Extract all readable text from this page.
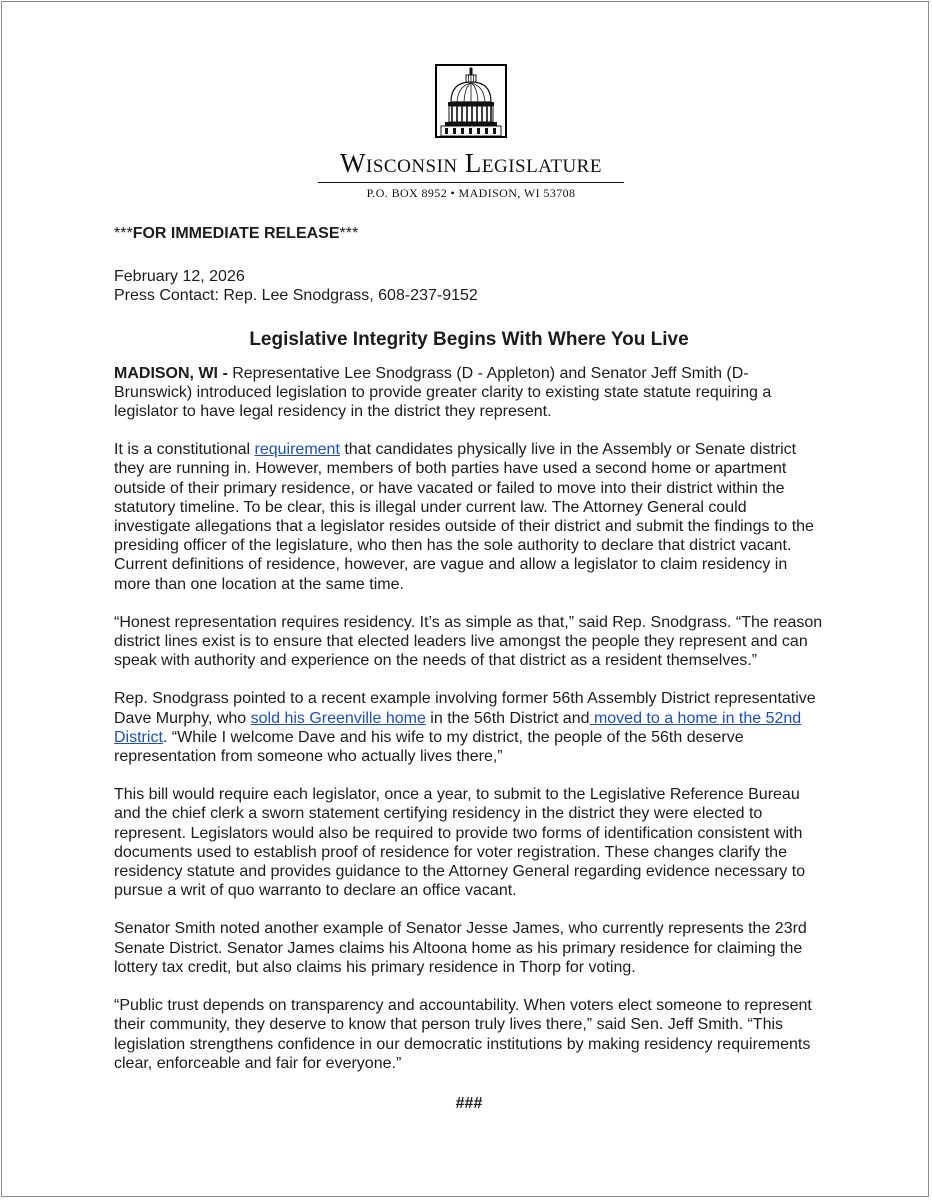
Wisconsin Legislature
P.O. BOX 8952 • MADISON, WI 53708

***FOR IMMEDIATE RELEASE***

February 12, 2026
Press Contact: Rep. Lee Snodgrass, 608-237-9152
Legislative Integrity Begins With Where You Live

MADISON, WI - Representative Lee Snodgrass (D - Appleton) and Senator Jeff Smith (D-Brunswick) introduced legislation to provide greater clarity to existing state statute requiring a legislator to have legal residency in the district they represent.

It is a constitutional requirement that candidates physically live in the Assembly or Senate district they are running in. However, members of both parties have used a second home or apartment outside of their primary residence, or have vacated or failed to move into their district within the statutory timeline. To be clear, this is illegal under current law. The Attorney General could investigate allegations that a legislator resides outside of their district and submit the findings to the presiding officer of the legislature, who then has the sole authority to declare that district vacant. Current definitions of residence, however, are vague and allow a legislator to claim residency in more than one location at the same time.

“Honest representation requires residency. It’s as simple as that,” said Rep. Snodgrass. “The reason district lines exist is to ensure that elected leaders live amongst the people they represent and can speak with authority and experience on the needs of that district as a resident themselves.”

Rep. Snodgrass pointed to a recent example involving former 56th Assembly District representative Dave Murphy, who sold his Greenville home in the 56th District and moved to a home in the 52nd District. “While I welcome Dave and his wife to my district, the people of the 56th deserve representation from someone who actually lives there,”

This bill would require each legislator, once a year, to submit to the Legislative Reference Bureau and the chief clerk a sworn statement certifying residency in the district they were elected to represent. Legislators would also be required to provide two forms of identification consistent with documents used to establish proof of residence for voter registration. These changes clarify the residency statute and provides guidance to the Attorney General regarding evidence necessary to pursue a writ of quo warranto to declare an office vacant.

Senator Smith noted another example of Senator Jesse James, who currently represents the 23rd Senate District. Senator James claims his Altoona home as his primary residence for claiming the lottery tax credit, but also claims his primary residence in Thorp for voting.

“Public trust depends on transparency and accountability. When voters elect someone to represent their community, they deserve to know that person truly lives there,” said Sen. Jeff Smith. “This legislation strengthens confidence in our democratic institutions by making residency requirements clear, enforceable and fair for everyone.”

###
